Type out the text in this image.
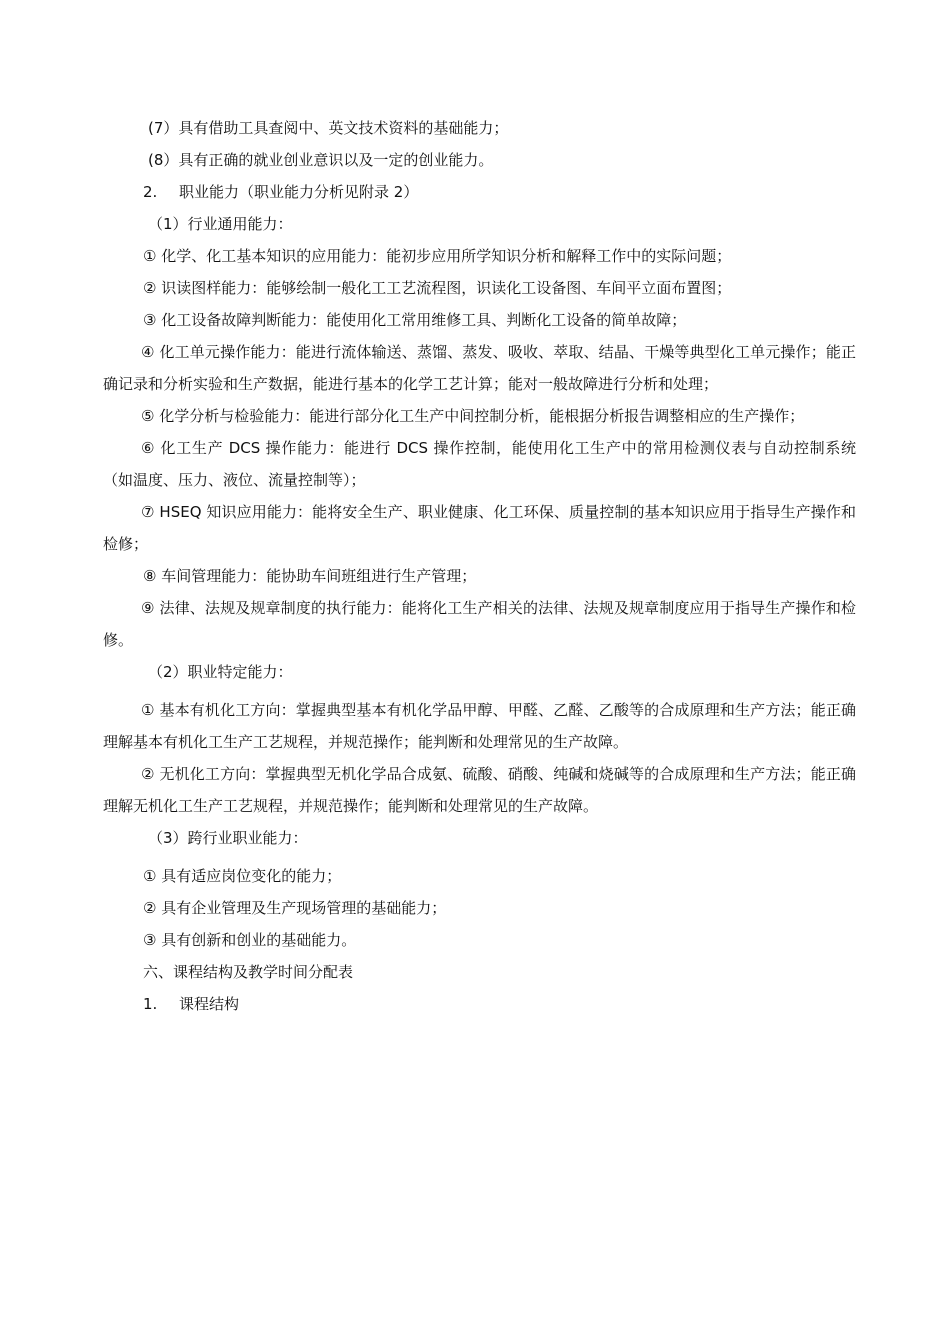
(7）具有借助工具查阅中、英文技术资料的基础能力；

(8）具有正确的就业创业意识以及一定的创业能力。

2. 职业能力（职业能力分析见附录 2）

（1）行业通用能力：

① 化学、化工基本知识的应用能力：能初步应用所学知识分析和解释工作中的实际问题；

② 识读图样能力：能够绘制一般化工工艺流程图，识读化工设备图、车间平立面布置图；

③ 化工设备故障判断能力：能使用化工常用维修工具、判断化工设备的简单故障；

④ 化工单元操作能力：能进行流体输送、蒸馏、蒸发、吸收、萃取、结晶、干燥等典型化工单元操作；能正确记录和分析实验和生产数据，能进行基本的化学工艺计算；能对一般故障进行分析和处理；

⑤ 化学分析与检验能力：能进行部分化工生产中间控制分析，能根据分析报告调整相应的生产操作；

⑥ 化工生产 DCS 操作能力：能进行 DCS 操作控制，能使用化工生产中的常用检测仪表与自动控制系统（如温度、压力、液位、流量控制等）；

⑦ HSEQ 知识应用能力：能将安全生产、职业健康、化工环保、质量控制的基本知识应用于指导生产操作和检修；

⑧ 车间管理能力：能协助车间班组进行生产管理；

⑨ 法律、法规及规章制度的执行能力：能将化工生产相关的法律、法规及规章制度应用于指导生产操作和检修。

（2）职业特定能力：

① 基本有机化工方向：掌握典型基本有机化学品甲醇、甲醛、乙醛、乙酸等的合成原理和生产方法；能正确理解基本有机化工生产工艺规程，并规范操作；能判断和处理常见的生产故障。

② 无机化工方向：掌握典型无机化学品合成氨、硫酸、硝酸、纯碱和烧碱等的合成原理和生产方法；能正确理解无机化工生产工艺规程，并规范操作；能判断和处理常见的生产故障。

（3）跨行业职业能力：

① 具有适应岗位变化的能力；

② 具有企业管理及生产现场管理的基础能力；

③ 具有创新和创业的基础能力。

六、课程结构及教学时间分配表

1. 课程结构
